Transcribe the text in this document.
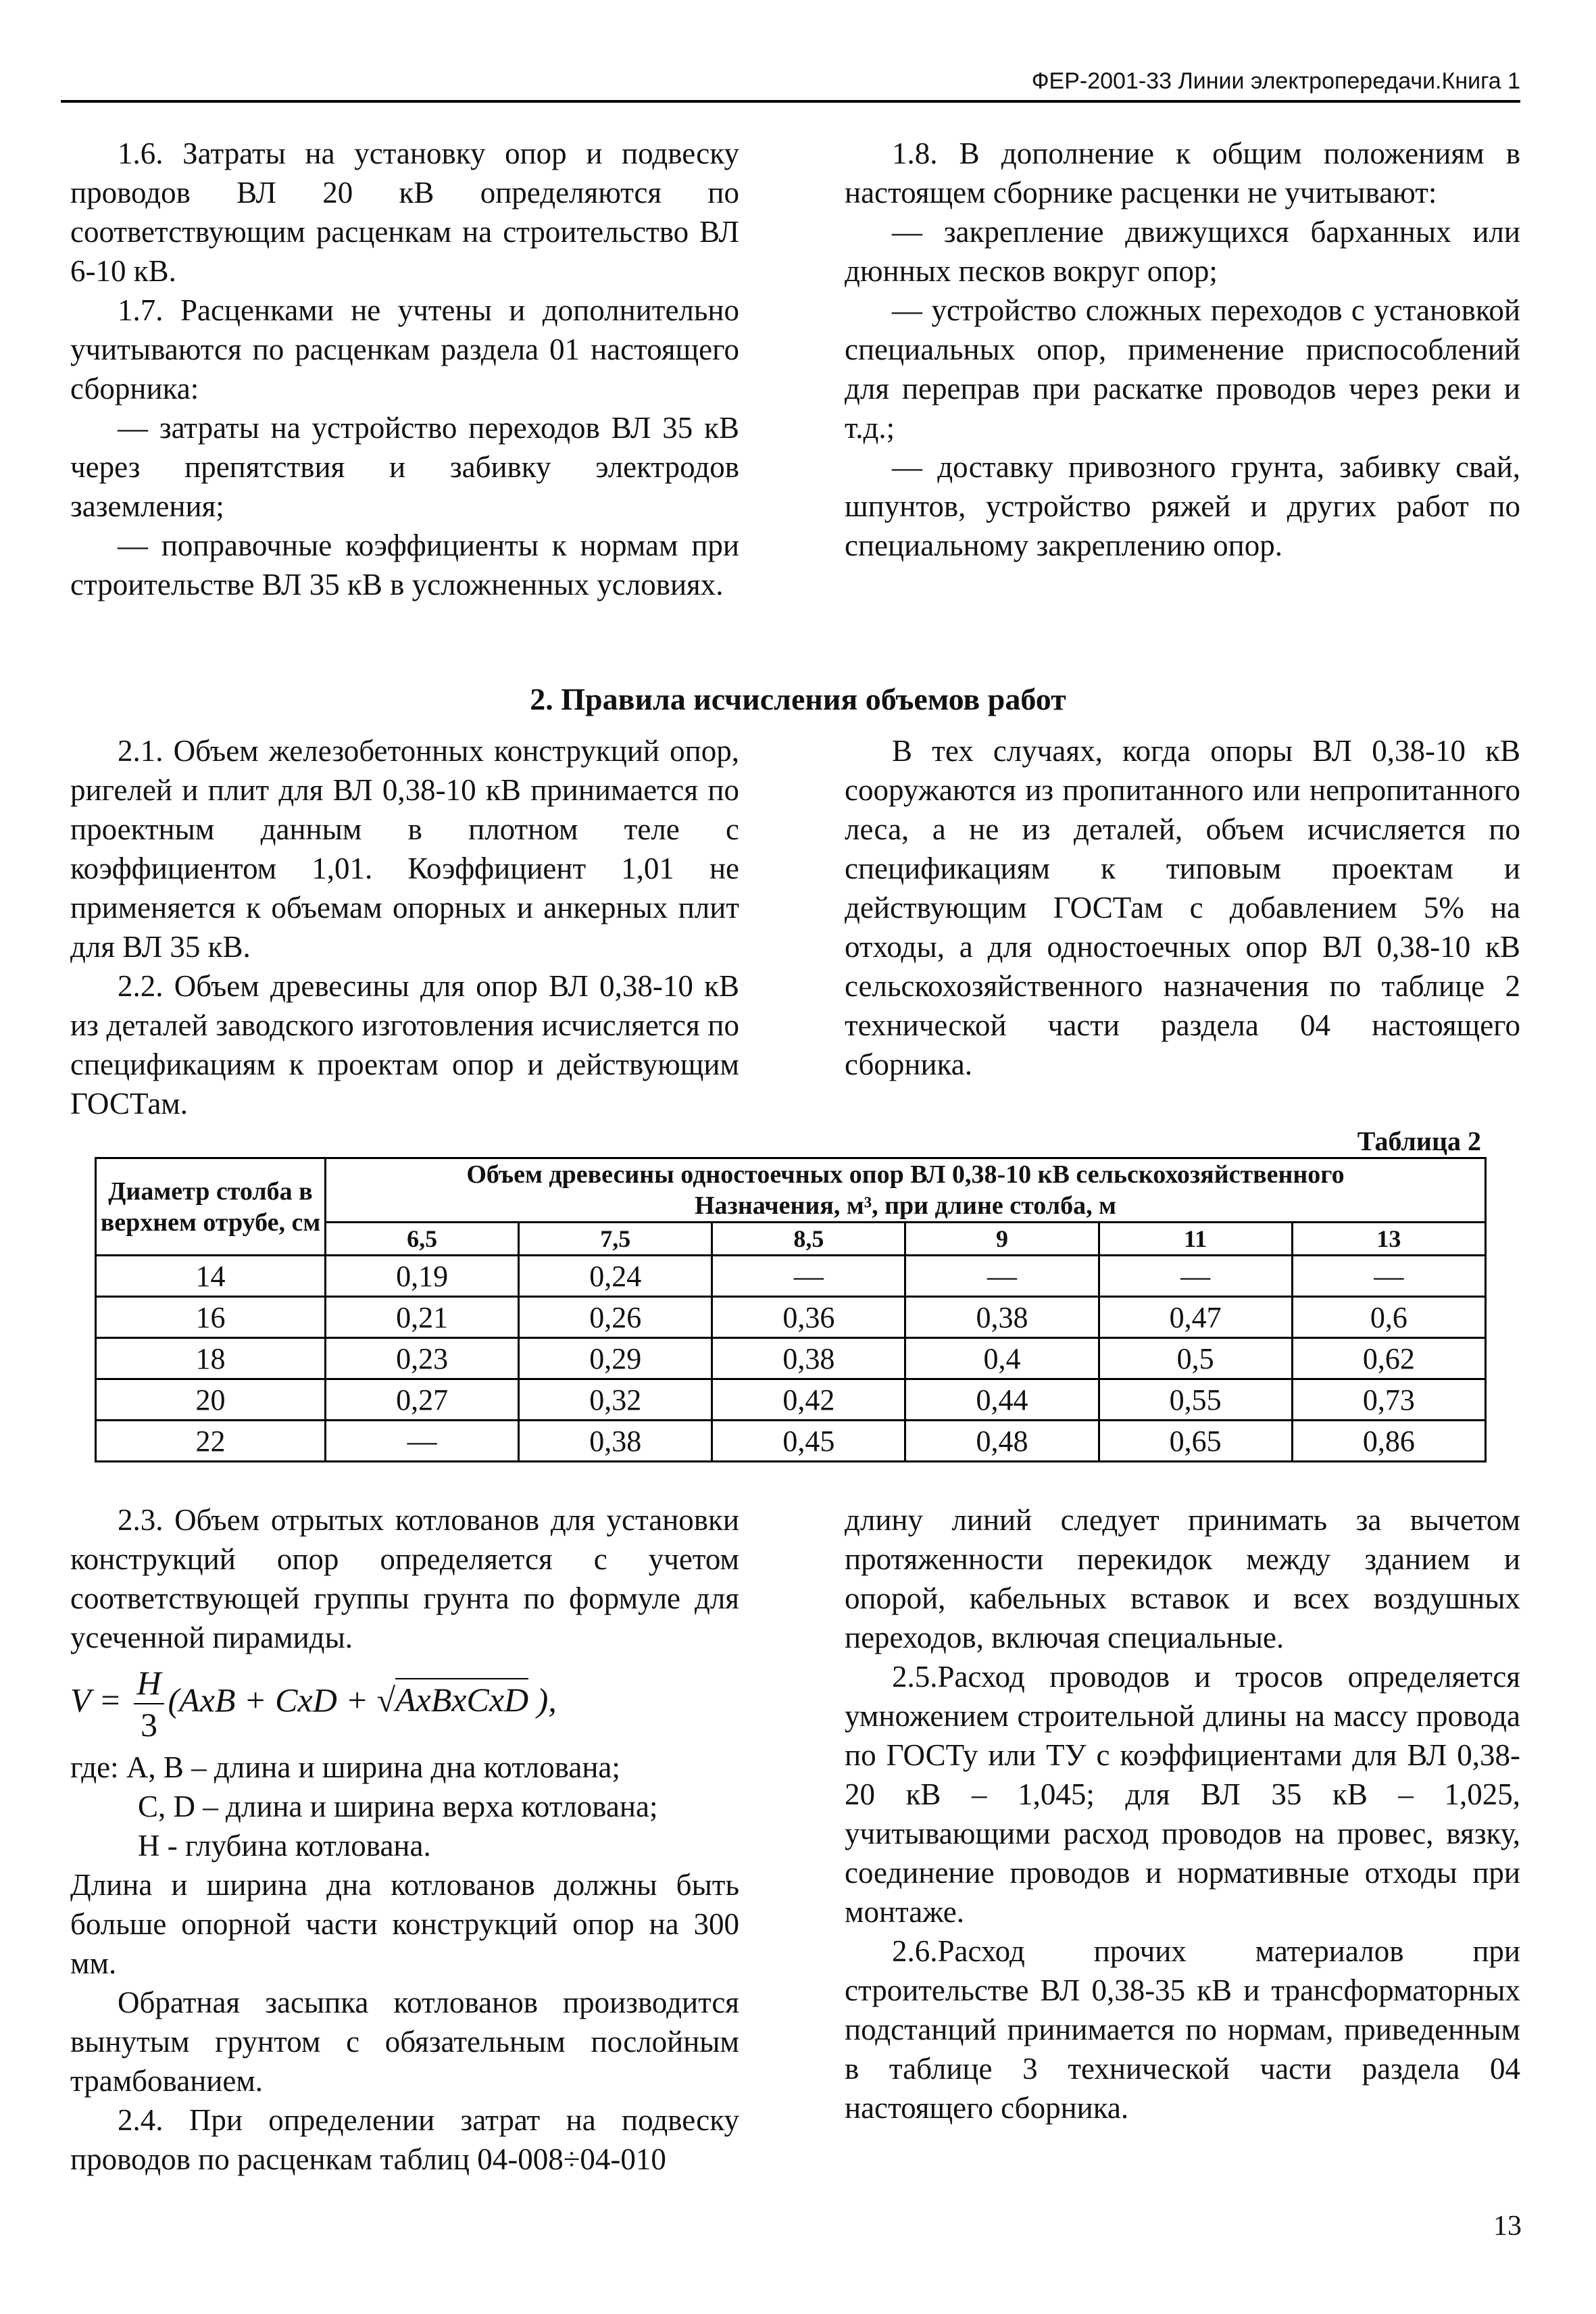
ФЕР-2001-33 Линии электропередачи.Книга 1

1.6. Затраты на установку опор и подвеску проводов ВЛ 20 кВ определяются по соответствующим расценкам на строительство ВЛ 6-10 кВ.

1.7. Расценками не учтены и дополнительно учитываются по расценкам раздела 01 настоящего сборника:

— затраты на устройство переходов ВЛ 35 кВ через препятствия и забивку электродов заземления;

— поправочные коэффициенты к нормам при строительстве ВЛ 35 кВ в усложненных условиях.

1.8. В дополнение к общим положениям в настоящем сборнике расценки не учитывают:

— закрепление движущихся барханных или дюнных песков вокруг опор;

— устройство сложных переходов с установкой специальных опор, применение приспособлений для переправ при раскатке проводов через реки и т.д.;

— доставку привозного грунта, забивку свай, шпунтов, устройство ряжей и других работ по специальному закреплению опор.

2. Правила исчисления объемов работ

2.1. Объем железобетонных конструкций опор, ригелей и плит для ВЛ 0,38-10 кВ принимается по проектным данным в плотном теле с коэффициентом 1,01. Коэффициент 1,01 не применяется к объемам опорных и анкерных плит для ВЛ 35 кВ.

2.2. Объем древесины для опор ВЛ 0,38-10 кВ из деталей заводского изготовления исчисляется по спецификациям к проектам опор и действующим ГОСТам.

В тех случаях, когда опоры ВЛ 0,38-10 кВ сооружаются из пропитанного или непропитанного леса, а не из деталей, объем исчисляется по спецификациям к типовым проектам и действующим ГОСТам с добавлением 5% на отходы, а для одностоечных опор ВЛ 0,38-10 кВ сельскохозяйственного назначения по таблице 2 технической части раздела 04 настоящего сборника.

Таблица 2
Диаметр столба в верхнем отрубе, см	Объем древесины одностоечных опор ВЛ 0,38-10 кВ сельскохозяйственного
Назначения, м³, при длине столба, м					

	6,5	7,5	8,5	9	11	13
14	0,19	0,24	—	—	—	—
16	0,21	0,26	0,36	0,38	0,47	0,6
18	0,23	0,29	0,38	0,4	0,5	0,62
20	0,27	0,32	0,42	0,44	0,55	0,73
22	—	0,38	0,45	0,48	0,65	0,86

2.3. Объем отрытых котлованов для установки конструкций опор определяется с учетом соответствующей группы грунта по формуле для усеченной пирамиды.

$V = \frac{H}{3} (AxB$ + CxD + √AxBxCxD ),

где: А, В – длина и ширина дна котлована;

С, D – длина и ширина верха котлована;

Н - глубина котлована.

Длина и ширина дна котлованов должны быть больше опорной части конструкций опор на 300 мм.

Обратная засыпка котлованов производится вынутым грунтом с обязательным послойным трамбованием.

2.4. При определении затрат на подвеску проводов по расценкам таблиц 04-008÷04-010

длину линий следует принимать за вычетом протяженности перекидок между зданием и опорой, кабельных вставок и всех воздушных переходов, включая специальные.

2.5.Расход проводов и тросов определяется умножением строительной длины на массу провода по ГОСТу или ТУ с коэффициентами для ВЛ 0,38-20 кВ – 1,045; для ВЛ 35 кВ – 1,025, учитывающими расход проводов на провес, вязку, соединение проводов и нормативные отходы при монтаже.

2.6.Расход прочих материалов при строительстве ВЛ 0,38-35 кВ и трансформаторных подстанций принимается по нормам, приведенным в таблице 3 технической части раздела 04 настоящего сборника.

13
